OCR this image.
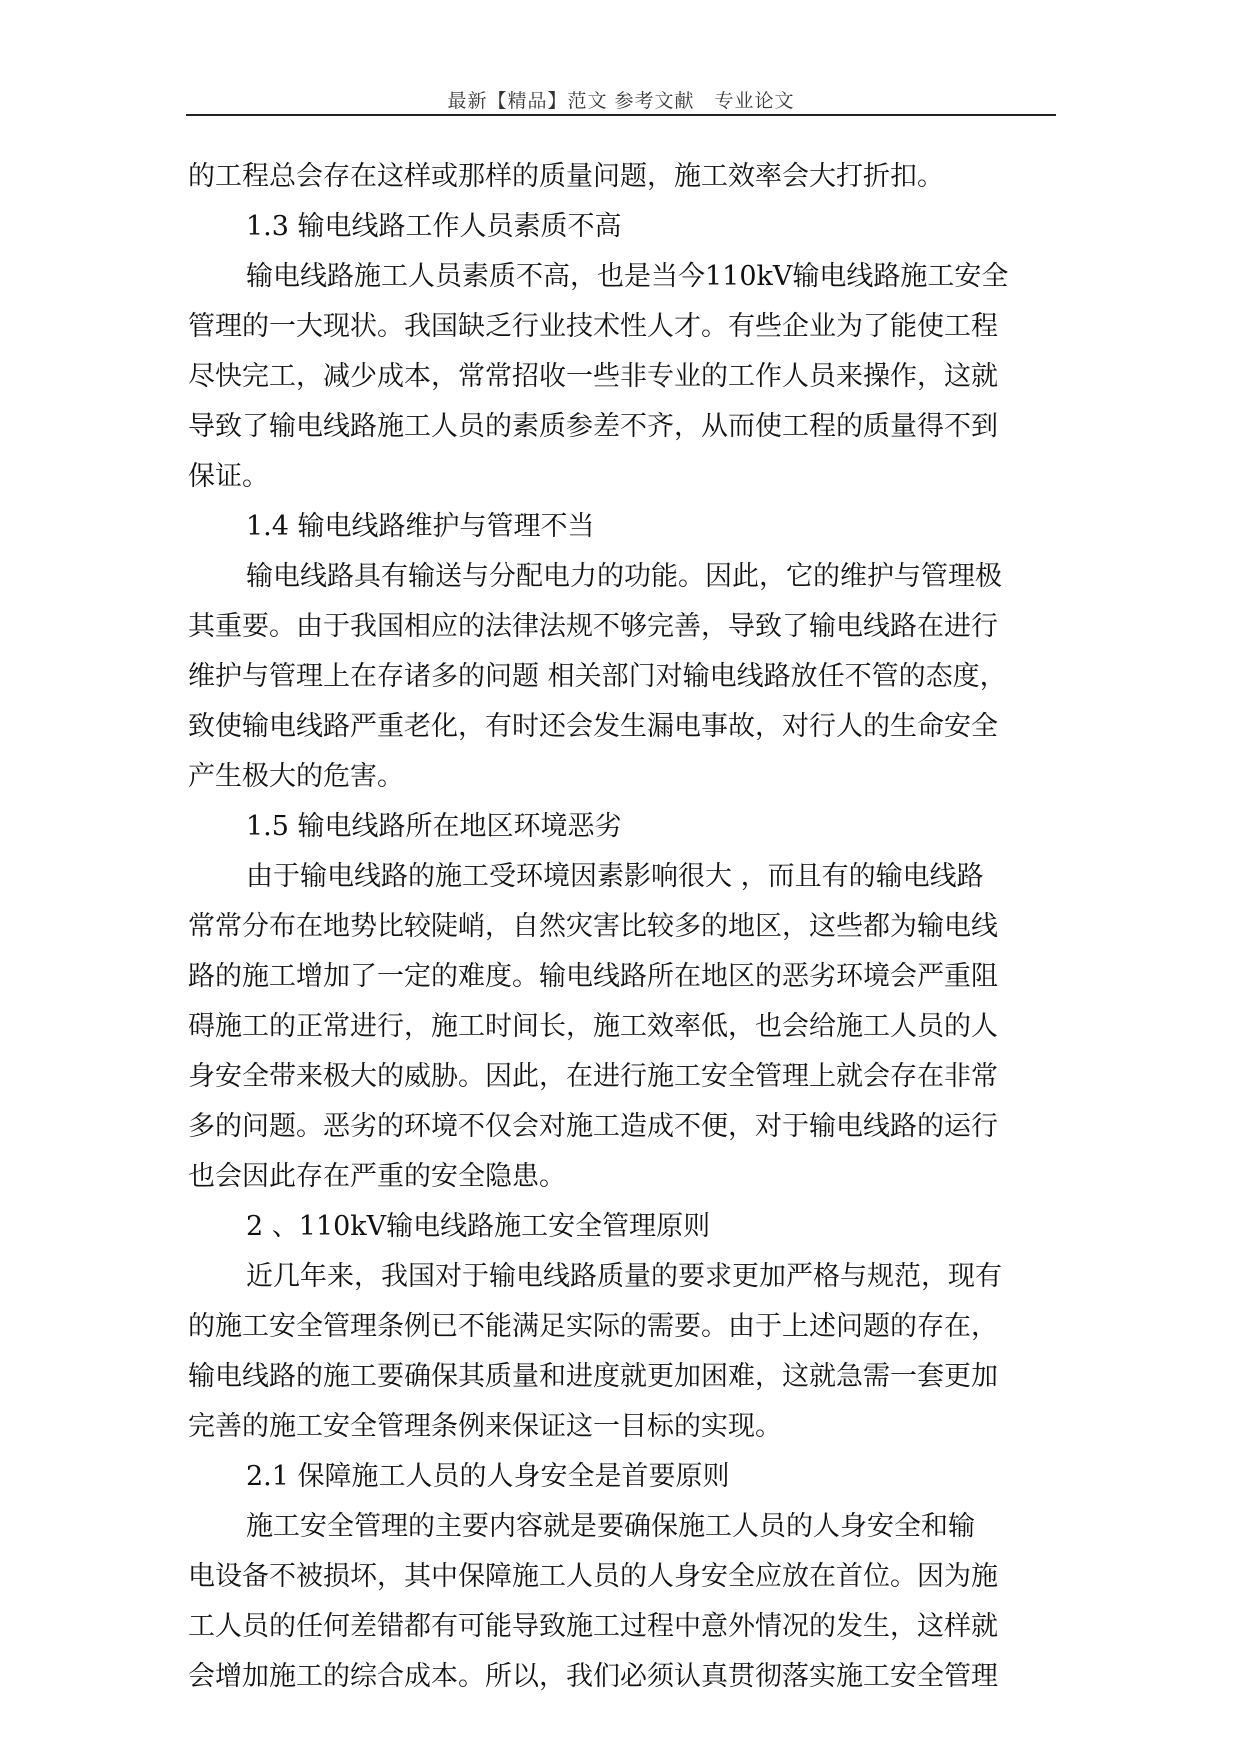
最新【精品】范文 参考文献　专业论文
的工程总会存在这样或那样的质量问题，施工效率会大打折扣。
1.3 输电线路工作人员素质不高
输电线路施工人员素质不高，也是当今110kV输电线路施工安全
管理的一大现状。我国缺乏行业技术性人才。有些企业为了能使工程
尽快完工，减少成本，常常招收一些非专业的工作人员来操作，这就
导致了输电线路施工人员的素质参差不齐，从而使工程的质量得不到
保证。
1.4 输电线路维护与管理不当
输电线路具有输送与分配电力的功能。因此，它的维护与管理极
其重要。由于我国相应的法律法规不够完善，导致了输电线路在进行
维护与管理上在存诸多的问题 相关部门对输电线路放任不管的态度，
致使输电线路严重老化，有时还会发生漏电事故，对行人的生命安全
产生极大的危害。
1.5 输电线路所在地区环境恶劣
由于输电线路的施工受环境因素影响很大 ，而且有的输电线路
常常分布在地势比较陡峭，自然灾害比较多的地区，这些都为输电线
路的施工增加了一定的难度。输电线路所在地区的恶劣环境会严重阻
碍施工的正常进行，施工时间长，施工效率低，也会给施工人员的人
身安全带来极大的威胁。因此，在进行施工安全管理上就会存在非常
多的问题。恶劣的环境不仅会对施工造成不便，对于输电线路的运行
也会因此存在严重的安全隐患。
2 、110kV输电线路施工安全管理原则
近几年来，我国对于输电线路质量的要求更加严格与规范，现有
的施工安全管理条例已不能满足实际的需要。由于上述问题的存在，
输电线路的施工要确保其质量和进度就更加困难，这就急需一套更加
完善的施工安全管理条例来保证这一目标的实现。
2.1 保障施工人员的人身安全是首要原则
施工安全管理的主要内容就是要确保施工人员的人身安全和输
电设备不被损坏，其中保障施工人员的人身安全应放在首位。因为施
工人员的任何差错都有可能导致施工过程中意外情况的发生，这样就
会增加施工的综合成本。所以，我们必须认真贯彻落实施工安全管理
